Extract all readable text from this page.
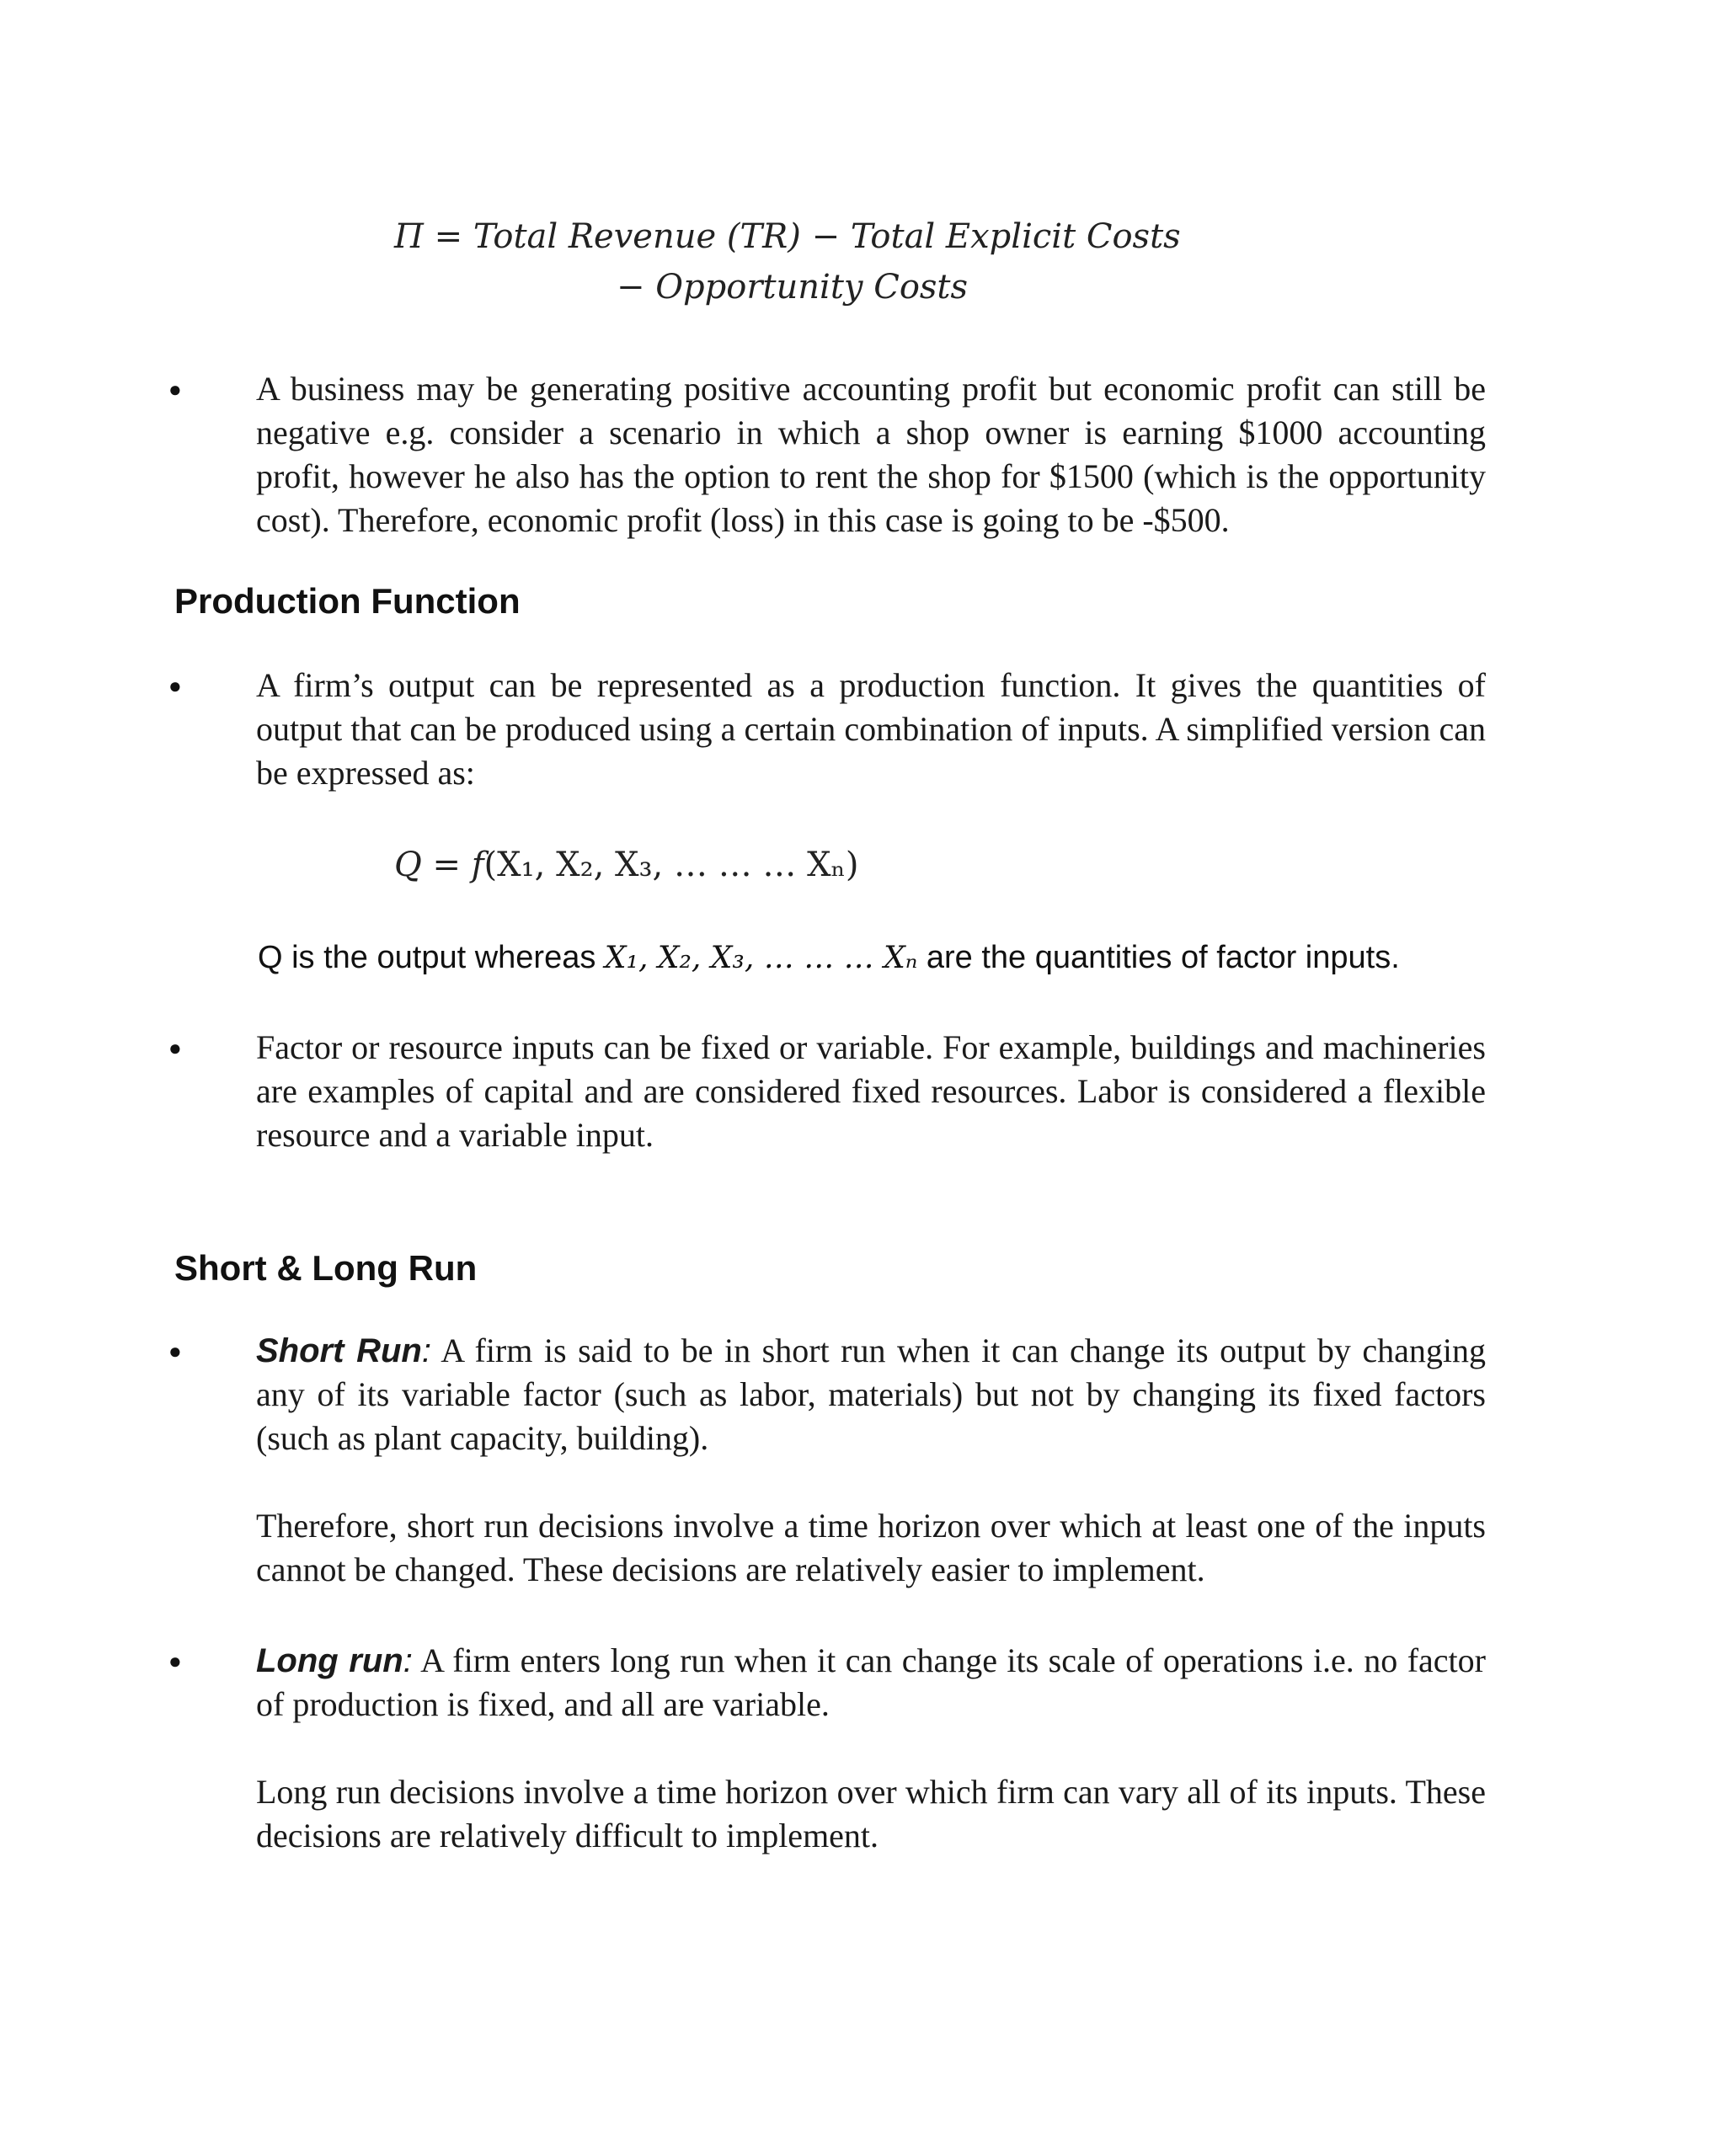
Π = Total Revenue (TR) − Total Explicit Costs
− Opportunity Costs
● A business may be generating positive accounting profit but economic profit can still be negative e.g. consider a scenario in which a shop owner is earning $1000 accounting profit, however he also has the option to rent the shop for $1500 (which is the opportunity cost). Therefore, economic profit (loss) in this case is going to be -$500.
Production Function
● A firm’s output can be represented as a production function. It gives the quantities of output that can be produced using a certain combination of inputs. A simplified version can be expressed as:
Q = f(X₁, X₂, X₃, … … … Xₙ)
Q is the output whereas X₁, X₂, X₃, … … … Xₙ are the quantities of factor inputs.
● Factor or resource inputs can be fixed or variable. For example, buildings and machineries are examples of capital and are considered fixed resources. Labor is considered a flexible resource and a variable input.
Short & Long Run
● Short Run: A firm is said to be in short run when it can change its output by changing any of its variable factor (such as labor, materials) but not by changing its fixed factors (such as plant capacity, building).
Therefore, short run decisions involve a time horizon over which at least one of the inputs cannot be changed. These decisions are relatively easier to implement.
● Long run: A firm enters long run when it can change its scale of operations i.e. no factor of production is fixed, and all are variable.
Long run decisions involve a time horizon over which firm can vary all of its inputs. These decisions are relatively difficult to implement.
